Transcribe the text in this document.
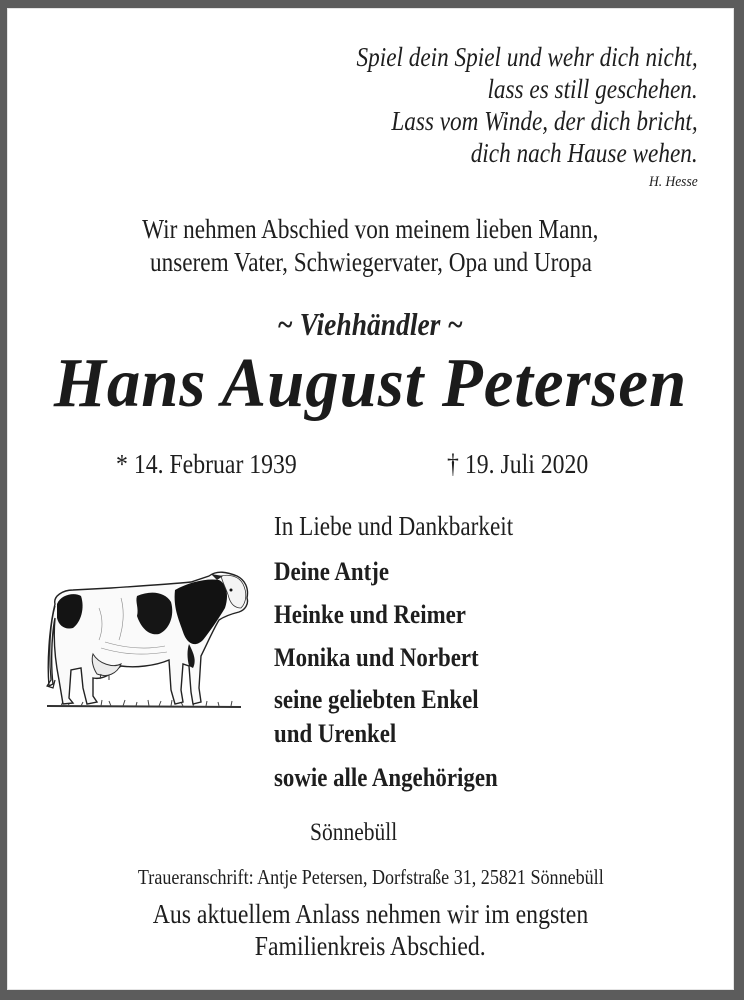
Spiel dein Spiel und wehr dich nicht,
lass es still geschehen.
Lass vom Winde, der dich bricht,
dich nach Hause wehen.
H. Hesse
Wir nehmen Abschied von meinem lieben Mann,
unserem Vater, Schwiegervater, Opa und Uropa
~ Viehhändler ~
Hans August Petersen
* 14. Februar 1939	† 19. Juli 2020
In Liebe und Dankbarkeit
Deine Antje
Heinke und Reimer
Monika und Norbert
seine geliebten Enkel
und Urenkel
sowie alle Angehörigen
Sönnebüll
Traueranschrift: Antje Petersen, Dorfstraße 31, 25821 Sönnebüll
Aus aktuellem Anlass nehmen wir im engsten
Familienkreis Abschied.
